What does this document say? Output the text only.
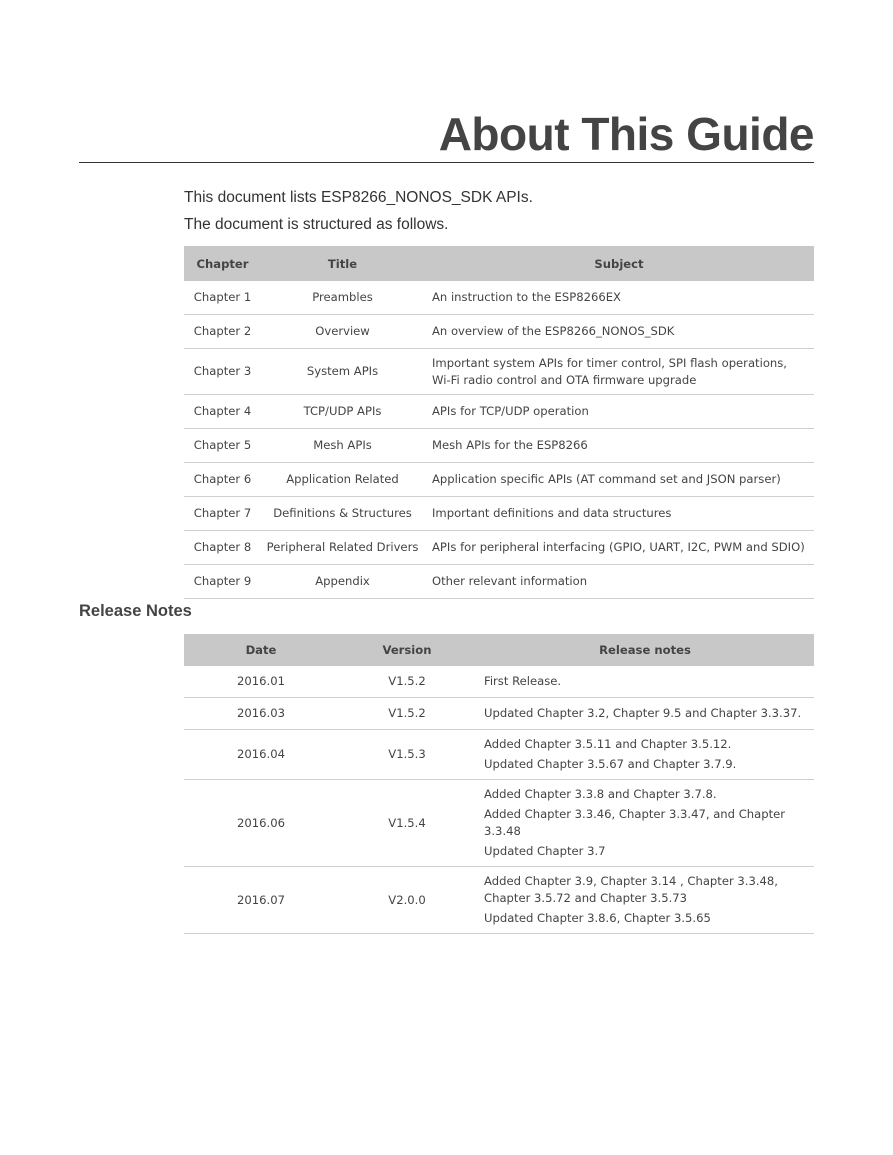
About This Guide
This document lists ESP8266_NONOS_SDK APIs.
The document is structured as follows.
Chapter	Title	Subject
Chapter 1	Preambles	An instruction to the ESP8266EX
Chapter 2	Overview	An overview of the ESP8266_NONOS_SDK
Chapter 3	System APIs	Important system APIs for timer control, SPI flash operations, Wi-Fi radio control and OTA firmware upgrade
Chapter 4	TCP/UDP APIs	APIs for TCP/UDP operation
Chapter 5	Mesh APIs	Mesh APIs for the ESP8266
Chapter 6	Application Related	Application specific APIs (AT command set and JSON parser)
Chapter 7	Definitions & Structures	Important definitions and data structures
Chapter 8	Peripheral Related Drivers	APIs for peripheral interfacing (GPIO, UART, I2C, PWM and SDIO)
Chapter 9	Appendix	Other relevant information
Release Notes
Date	Version	Release notes
2016.01	V1.5.2	First Release.
2016.03	V1.5.2	Updated Chapter 3.2, Chapter 9.5 and Chapter 3.3.37.
2016.04	V1.5.3	Added Chapter 3.5.11 and Chapter 3.5.12.
Updated Chapter 3.5.67 and Chapter 3.7.9.

2016.06	V1.5.4	Added Chapter 3.3.8 and Chapter 3.7.8.
Added Chapter 3.3.46, Chapter 3.3.47, and Chapter 3.3.48
Updated Chapter 3.7

2016.07	V2.0.0	Added Chapter 3.9, Chapter 3.14 , Chapter 3.3.48, Chapter 3.5.72 and Chapter 3.5.73
Updated Chapter 3.8.6, Chapter 3.5.65
